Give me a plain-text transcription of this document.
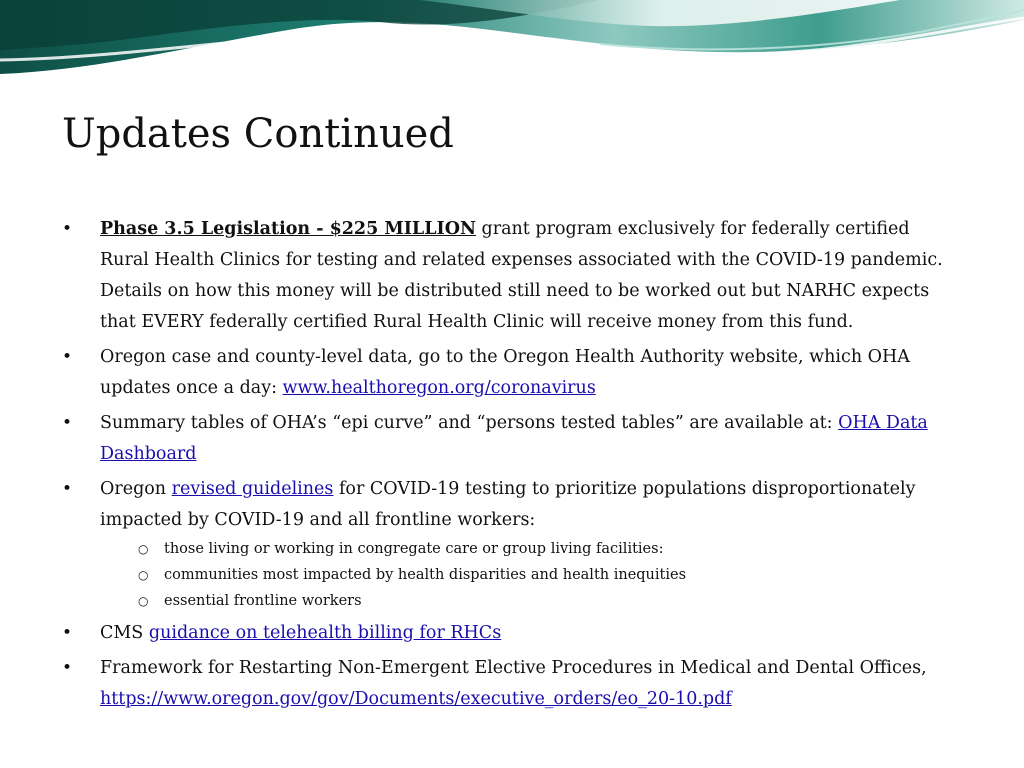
Updates Continued
• Phase 3.5 Legislation - $225 MILLION grant program exclusively for federally certified Rural Health Clinics for testing and related expenses associated with the COVID-19 pandemic. Details on how this money will be distributed still need to be worked out but NARHC expects that EVERY federally certified Rural Health Clinic will receive money from this fund.
• Oregon case and county-level data, go to the Oregon Health Authority website, which OHA updates once a day: www.healthoregon.org/coronavirus
• Summary tables of OHA’s “epi curve” and “persons tested tables” are available at: OHA Data Dashboard
• Oregon revised guidelines for COVID-19 testing to prioritize populations disproportionately impacted by COVID-19 and all frontline workers:
○ those living or working in congregate care or group living facilities:
○ communities most impacted by health disparities and health inequities
○ essential frontline workers
• CMS guidance on telehealth billing for RHCs
• Framework for Restarting Non-Emergent Elective Procedures in Medical and Dental Offices, https://www.oregon.gov/gov/Documents/executive_orders/eo_20-10.pdf
